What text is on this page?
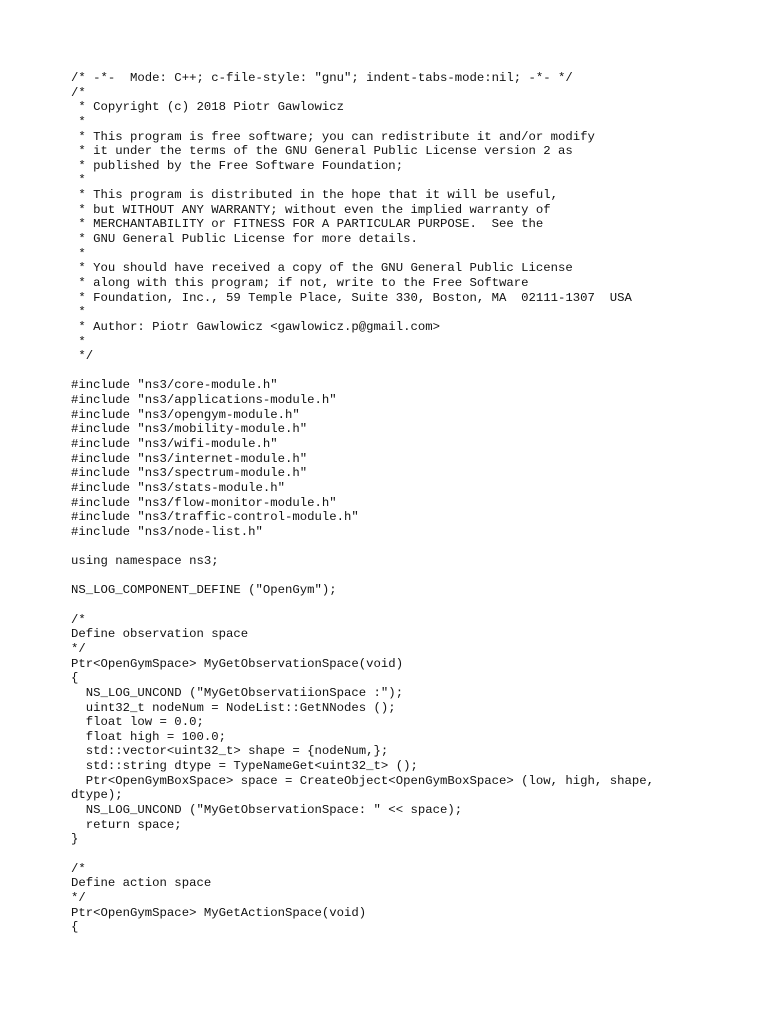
/* -*-  Mode: C++; c-file-style: "gnu"; indent-tabs-mode:nil; -*- */
/*
* Copyright (c) 2018 Piotr Gawlowicz
*
* This program is free software; you can redistribute it and/or modify
* it under the terms of the GNU General Public License version 2 as
* published by the Free Software Foundation;
*
* This program is distributed in the hope that it will be useful,
* but WITHOUT ANY WARRANTY; without even the implied warranty of
* MERCHANTABILITY or FITNESS FOR A PARTICULAR PURPOSE.  See the
* GNU General Public License for more details.
*
* You should have received a copy of the GNU General Public License
* along with this program; if not, write to the Free Software
* Foundation, Inc., 59 Temple Place, Suite 330, Boston, MA  02111-1307  USA
*
* Author: Piotr Gawlowicz <gawlowicz.p@gmail.com>
*
*/
#include "ns3/core-module.h"
#include "ns3/applications-module.h"
#include "ns3/opengym-module.h"
#include "ns3/mobility-module.h"
#include "ns3/wifi-module.h"
#include "ns3/internet-module.h"
#include "ns3/spectrum-module.h"
#include "ns3/stats-module.h"
#include "ns3/flow-monitor-module.h"
#include "ns3/traffic-control-module.h"
#include "ns3/node-list.h"
using namespace ns3;
NS_LOG_COMPONENT_DEFINE ("OpenGym");
/*
Define observation space
*/
Ptr<OpenGymSpace> MyGetObservationSpace(void)
{
NS_LOG_UNCOND ("MyGetObservatiionSpace :");
uint32_t nodeNum = NodeList::GetNNodes ();
float low = 0.0;
float high = 100.0;
std::vector<uint32_t> shape = {nodeNum,};
std::string dtype = TypeNameGet<uint32_t> ();
Ptr<OpenGymBoxSpace> space = CreateObject<OpenGymBoxSpace> (low, high, shape,
dtype);
NS_LOG_UNCOND ("MyGetObservationSpace: " << space);
return space;
}
/*
Define action space
*/
Ptr<OpenGymSpace> MyGetActionSpace(void)
{
